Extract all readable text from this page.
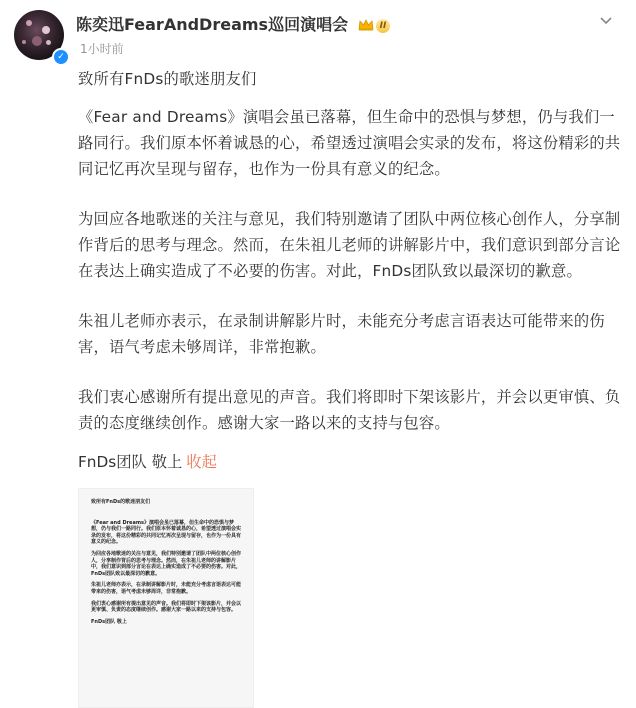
✓
陈奕迅FearAndDreams巡回演唱会	II
1小时前

致所有FnDs的歌迷朋友们

《Fear and Dreams》演唱会虽已落幕，但生命中的恐惧与梦想，仍与我们一路同行。我们原本怀着诚恳的心，希望透过演唱会实录的发布，将这份精彩的共同记忆再次呈现与留存，也作为一份具有意义的纪念。

为回应各地歌迷的关注与意见，我们特别邀请了团队中两位核心创作人，分享制作背后的思考与理念。然而，在朱祖儿老师的讲解影片中，我们意识到部分言论在表达上确实造成了不必要的伤害。对此，FnDs团队致以最深切的歉意。

朱祖儿老师亦表示，在录制讲解影片时，未能充分考虑言语表达可能带来的伤害，语气考虑未够周详，非常抱歉。

我们衷心感谢所有提出意见的声音。我们将即时下架该影片，并会以更审慎、负责的态度继续创作。感谢大家一路以来的支持与包容。

FnDs团队 敬上 收起

致所有FnDs的歌迷朋友们

《Fear and Dreams》演唱会虽已落幕，但生命中的恐惧与梦想，仍与我们一路同行。我们原本怀着诚恳的心，希望透过演唱会实录的发布，将这份精彩的共同记忆再次呈现与留存，也作为一份具有意义的纪念。

为回应各地歌迷的关注与意见，我们特别邀请了团队中两位核心创作人，分享制作背后的思考与理念。然而，在朱祖儿老师的讲解影片中，我们意识到部分言论在表达上确实造成了不必要的伤害。对此，FnDs团队致以最深切的歉意。

朱祖儿老师亦表示，在录制讲解影片时，未能充分考虑言语表达可能带来的伤害，语气考虑未够周详，非常抱歉。

我们衷心感谢所有提出意见的声音。我们将即时下架该影片，并会以更审慎、负责的态度继续创作。感谢大家一路以来的支持与包容。

FnDs团队 敬上
